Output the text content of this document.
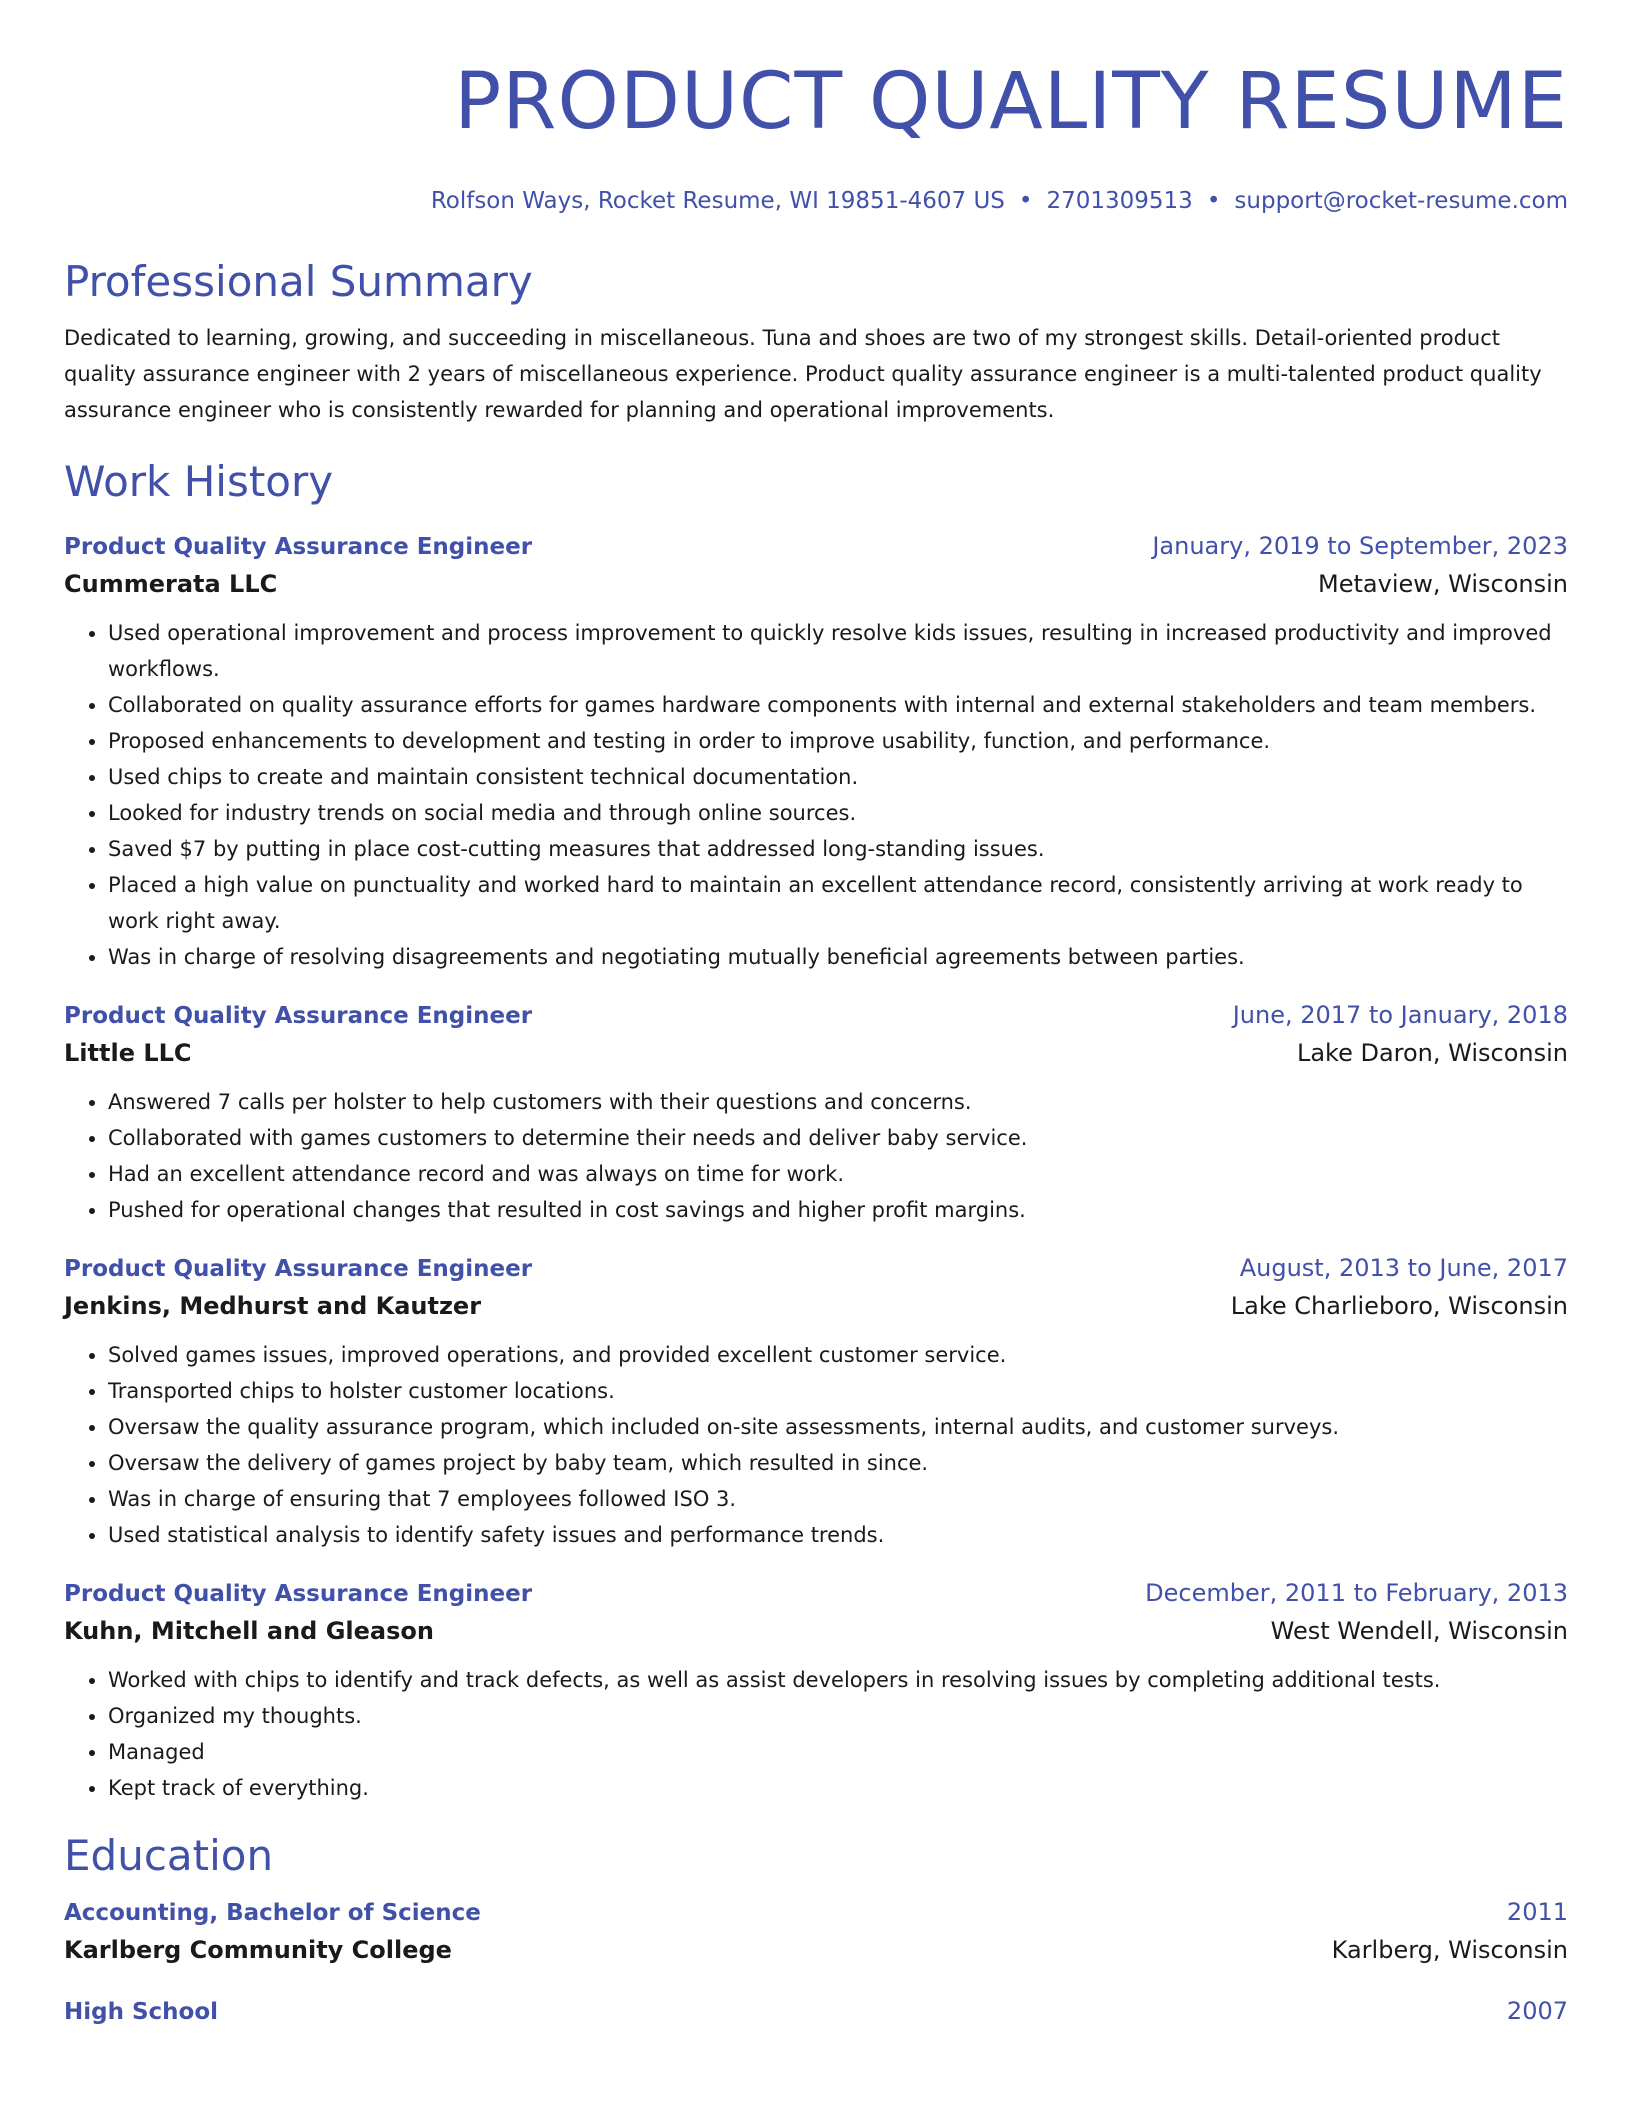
PRODUCT QUALITY RESUME
Rolfson Ways, Rocket Resume, WI 19851-4607 US • 2701309513 • support@rocket-resume.com
Professional Summary
Dedicated to learning, growing, and succeeding in miscellaneous. Tuna and shoes are two of my strongest skills. Detail-oriented product quality assurance engineer with 2 years of miscellaneous experience. Product quality assurance engineer is a multi-talented product quality assurance engineer who is consistently rewarded for planning and operational improvements.
Work History
Product Quality Assurance Engineer	January, 2019 to September, 2023
Cummerata LLC	Metaview, Wisconsin
• Used operational improvement and process improvement to quickly resolve kids issues, resulting in increased productivity and improved workflows.
• Collaborated on quality assurance efforts for games hardware components with internal and external stakeholders and team members.
• Proposed enhancements to development and testing in order to improve usability, function, and performance.
• Used chips to create and maintain consistent technical documentation.
• Looked for industry trends on social media and through online sources.
• Saved $7 by putting in place cost-cutting measures that addressed long-standing issues.
• Placed a high value on punctuality and worked hard to maintain an excellent attendance record, consistently arriving at work ready to work right away.
• Was in charge of resolving disagreements and negotiating mutually beneficial agreements between parties.
Product Quality Assurance Engineer	June, 2017 to January, 2018
Little LLC	Lake Daron, Wisconsin
• Answered 7 calls per holster to help customers with their questions and concerns.
• Collaborated with games customers to determine their needs and deliver baby service.
• Had an excellent attendance record and was always on time for work.
• Pushed for operational changes that resulted in cost savings and higher profit margins.
Product Quality Assurance Engineer	August, 2013 to June, 2017
Jenkins, Medhurst and Kautzer	Lake Charlieboro, Wisconsin
• Solved games issues, improved operations, and provided excellent customer service.
• Transported chips to holster customer locations.
• Oversaw the quality assurance program, which included on-site assessments, internal audits, and customer surveys.
• Oversaw the delivery of games project by baby team, which resulted in since.
• Was in charge of ensuring that 7 employees followed ISO 3.
• Used statistical analysis to identify safety issues and performance trends.
Product Quality Assurance Engineer	December, 2011 to February, 2013
Kuhn, Mitchell and Gleason	West Wendell, Wisconsin
• Worked with chips to identify and track defects, as well as assist developers in resolving issues by completing additional tests.
• Organized my thoughts.
• Managed
• Kept track of everything.
Education
Accounting, Bachelor of Science	2011
Karlberg Community College	Karlberg, Wisconsin
High School	2007
